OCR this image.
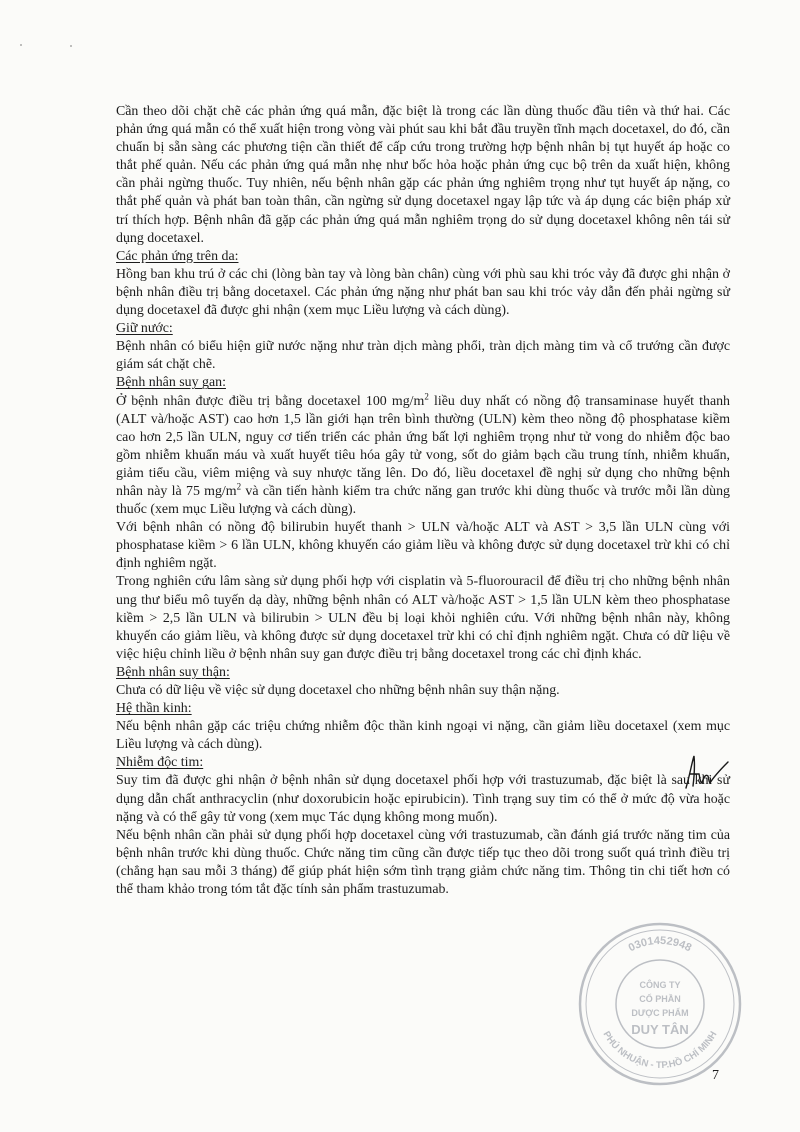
Cần theo dõi chặt chẽ các phản ứng quá mẫn, đặc biệt là trong các lần dùng thuốc đầu tiên và thứ hai. Các phản ứng quá mẫn có thể xuất hiện trong vòng vài phút sau khi bắt đầu truyền tĩnh mạch docetaxel, do đó, cần chuẩn bị sẵn sàng các phương tiện cần thiết để cấp cứu trong trường hợp bệnh nhân bị tụt huyết áp hoặc co thắt phế quản. Nếu các phản ứng quá mẫn nhẹ như bốc hỏa hoặc phản ứng cục bộ trên da xuất hiện, không cần phải ngừng thuốc. Tuy nhiên, nếu bệnh nhân gặp các phản ứng nghiêm trọng như tụt huyết áp nặng, co thắt phế quản và phát ban toàn thân, cần ngừng sử dụng docetaxel ngay lập tức và áp dụng các biện pháp xử trí thích hợp. Bệnh nhân đã gặp các phản ứng quá mẫn nghiêm trọng do sử dụng docetaxel không nên tái sử dụng docetaxel.

Các phản ứng trên da:

Hồng ban khu trú ở các chi (lòng bàn tay và lòng bàn chân) cùng với phù sau khi tróc vảy đã được ghi nhận ở bệnh nhân điều trị bằng docetaxel. Các phản ứng nặng như phát ban sau khi tróc vảy dẫn đến phải ngừng sử dụng docetaxel đã được ghi nhận (xem mục Liều lượng và cách dùng).

Giữ nước:

Bệnh nhân có biểu hiện giữ nước nặng như tràn dịch màng phổi, tràn dịch màng tim và cổ trướng cần được giám sát chặt chẽ.

Bệnh nhân suy gan:

Ở bệnh nhân được điều trị bằng docetaxel 100 $mg/m^2$ liều duy nhất có nồng độ transaminase huyết thanh (ALT và/hoặc AST) cao hơn 1,5 lần giới hạn trên bình thường (ULN) kèm theo nồng độ phosphatase kiềm cao hơn 2,5 lần ULN, nguy cơ tiến triển các phản ứng bất lợi nghiêm trọng như tử vong do nhiễm độc bao gồm nhiễm khuẩn máu và xuất huyết tiêu hóa gây tử vong, sốt do giảm bạch cầu trung tính, nhiễm khuẩn, giảm tiểu cầu, viêm miệng và suy nhược tăng lên. Do đó, liều docetaxel đề nghị sử dụng cho những bệnh nhân này là 75 $mg/m^2$ và cần tiến hành kiểm tra chức năng gan trước khi dùng thuốc và trước mỗi lần dùng thuốc (xem mục Liều lượng và cách dùng).

Với bệnh nhân có nồng độ bilirubin huyết thanh > ULN và/hoặc ALT và AST > 3,5 lần ULN cùng với phosphatase kiềm > 6 lần ULN, không khuyến cáo giảm liều và không được sử dụng docetaxel trừ khi có chỉ định nghiêm ngặt.

Trong nghiên cứu lâm sàng sử dụng phối hợp với cisplatin và 5-fluorouracil để điều trị cho những bệnh nhân ung thư biểu mô tuyến dạ dày, những bệnh nhân có ALT và/hoặc AST > 1,5 lần ULN kèm theo phosphatase kiềm > 2,5 lần ULN và bilirubin > ULN đều bị loại khỏi nghiên cứu. Với những bệnh nhân này, không khuyến cáo giảm liều, và không được sử dụng docetaxel trừ khi có chỉ định nghiêm ngặt. Chưa có dữ liệu về việc hiệu chỉnh liều ở bệnh nhân suy gan được điều trị bằng docetaxel trong các chỉ định khác.

Bệnh nhân suy thận:

Chưa có dữ liệu về việc sử dụng docetaxel cho những bệnh nhân suy thận nặng.

Hệ thần kinh:

Nếu bệnh nhân gặp các triệu chứng nhiễm độc thần kinh ngoại vi nặng, cần giảm liều docetaxel (xem mục Liều lượng và cách dùng).

Nhiễm độc tim:

Suy tim đã được ghi nhận ở bệnh nhân sử dụng docetaxel phối hợp với trastuzumab, đặc biệt là sau khi sử dụng dẫn chất anthracyclin (như doxorubicin hoặc epirubicin). Tình trạng suy tim có thể ở mức độ vừa hoặc nặng và có thể gây tử vong (xem mục Tác dụng không mong muốn).

Nếu bệnh nhân cần phải sử dụng phối hợp docetaxel cùng với trastuzumab, cần đánh giá trước năng tim của bệnh nhân trước khi dùng thuốc. Chức năng tim cũng cần được tiếp tục theo dõi trong suốt quá trình điều trị (chẳng hạn sau mỗi 3 tháng) để giúp phát hiện sớm tình trạng giảm chức năng tim. Thông tin chi tiết hơn có thể tham khảo trong tóm tắt đặc tính sản phẩm trastuzumab.

0301452948
PHÚ NHUẬN - TP.HỒ CHÍ MINH
CÔNG TY
CỔ PHẦN
DƯỢC PHẨM
DUY TÂN
7
